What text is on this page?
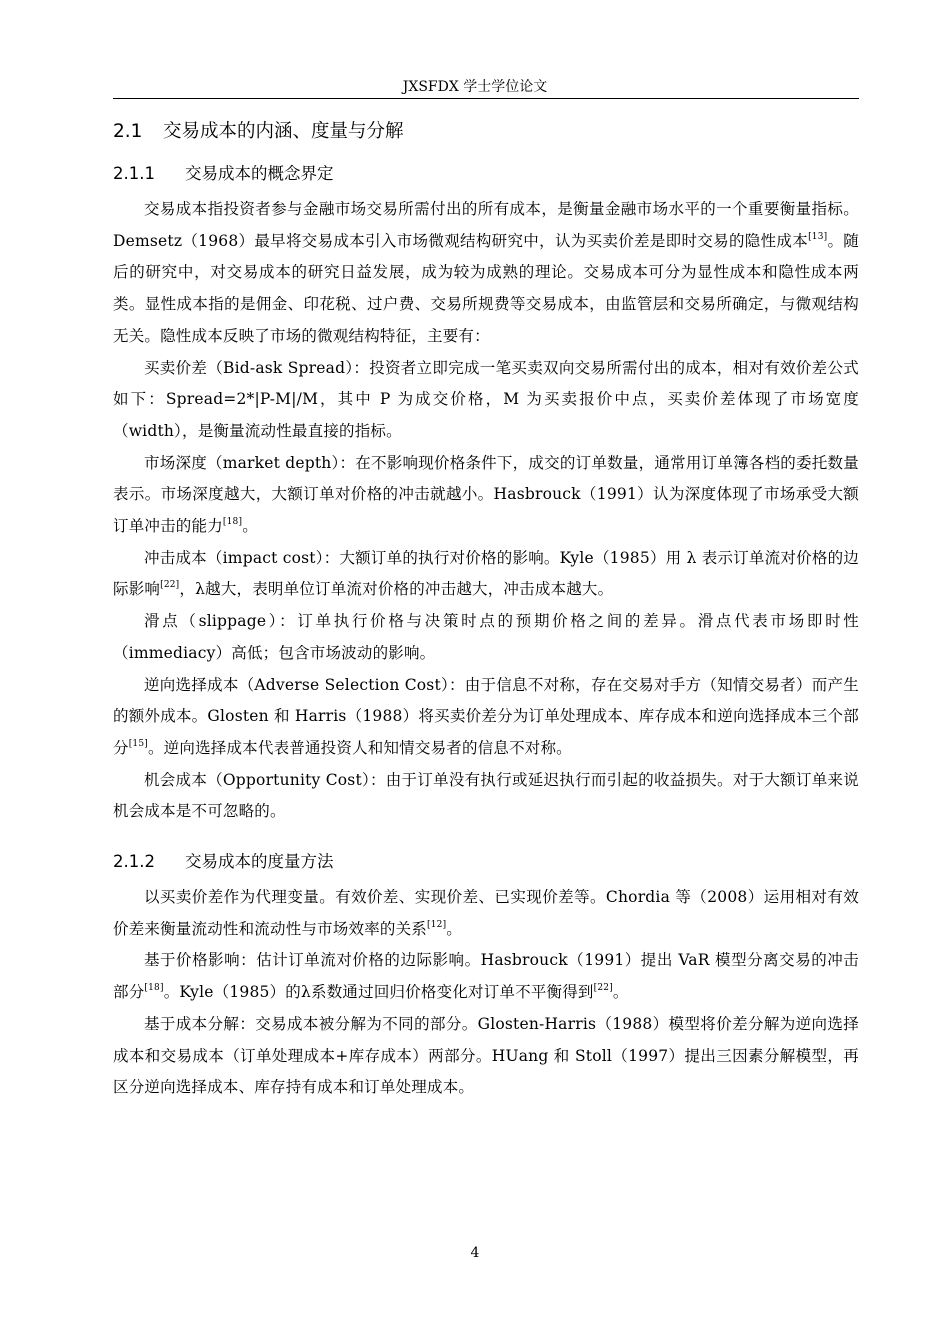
JXSFDX 学士学位论文
2.1 交易成本的内涵、度量与分解
2.1.1 交易成本的概念界定

交易成本指投资者参与金融市场交易所需付出的所有成本，是衡量金融市场水平的一个重要衡量指标。Demsetz（1968）最早将交易成本引入市场微观结构研究中，认为买卖价差是即时交易的隐性成本[13]。随后的研究中，对交易成本的研究日益发展，成为较为成熟的理论。交易成本可分为显性成本和隐性成本两类。显性成本指的是佣金、印花税、过户费、交易所规费等交易成本，由监管层和交易所确定，与微观结构无关。隐性成本反映了市场的微观结构特征，主要有：

买卖价差（Bid-ask Spread）：投资者立即完成一笔买卖双向交易所需付出的成本，相对有效价差公式如下：Spread=2*|P-M|/M，其中 P 为成交价格，M 为买卖报价中点，买卖价差体现了市场宽度（width），是衡量流动性最直接的指标。

市场深度（market depth）：在不影响现价格条件下，成交的订单数量，通常用订单簿各档的委托数量表示。市场深度越大，大额订单对价格的冲击就越小。Hasbrouck（1991）认为深度体现了市场承受大额订单冲击的能力[18]。

冲击成本（impact cost）：大额订单的执行对价格的影响。Kyle（1985）用 λ 表示订单流对价格的边际影响[22]，λ越大，表明单位订单流对价格的冲击越大，冲击成本越大。

滑点（slippage）：订单执行价格与决策时点的预期价格之间的差异。滑点代表市场即时性（immediacy）高低；包含市场波动的影响。

逆向选择成本（Adverse Selection Cost）：由于信息不对称，存在交易对手方（知情交易者）而产生的额外成本。Glosten 和 Harris（1988）将买卖价差分为订单处理成本、库存成本和逆向选择成本三个部分[15]。逆向选择成本代表普通投资人和知情交易者的信息不对称。

机会成本（Opportunity Cost）：由于订单没有执行或延迟执行而引起的收益损失。对于大额订单来说机会成本是不可忽略的。

2.1.2 交易成本的度量方法

以买卖价差作为代理变量。有效价差、实现价差、已实现价差等。Chordia 等（2008）运用相对有效价差来衡量流动性和流动性与市场效率的关系[12]。

基于价格影响：估计订单流对价格的边际影响。Hasbrouck（1991）提出 VaR 模型分离交易的冲击部分[18]。Kyle（1985）的λ系数通过回归价格变化对订单不平衡得到[22]。

基于成本分解：交易成本被分解为不同的部分。Glosten-Harris（1988）模型将价差分解为逆向选择成本和交易成本（订单处理成本+库存成本）两部分。HUang 和 Stoll（1997）提出三因素分解模型，再区分逆向选择成本、库存持有成本和订单处理成本。

4
